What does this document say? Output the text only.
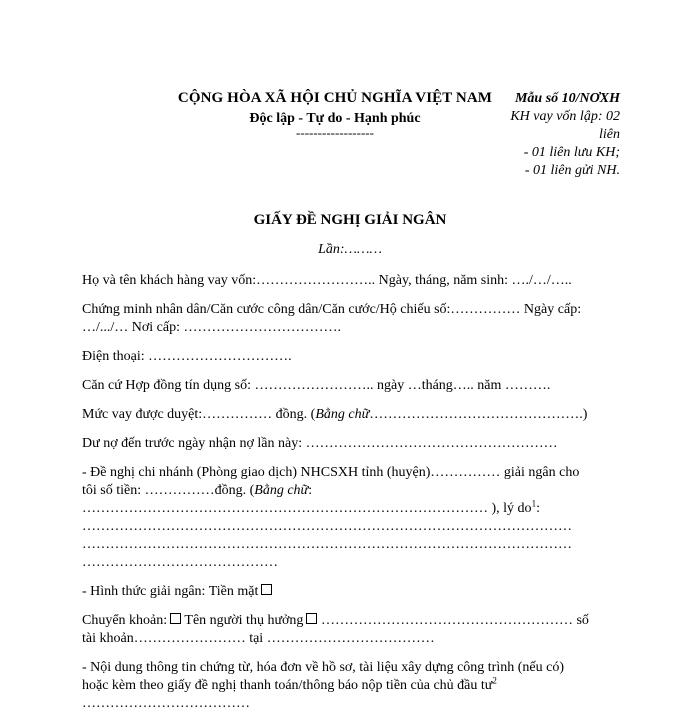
CỘNG HÒA XÃ HỘI CHỦ NGHĨA VIỆT NAM
Độc lập - Tự do - Hạnh phúc
------------------
Mẫu số 10/NƠXH
KH vay vốn lập: 02
liên
- 01 liên lưu KH;
- 01 liên gửi NH.
GIẤY ĐỀ NGHỊ GIẢI NGÂN
Lần:………
Họ và tên khách hàng vay vốn:…………………….. Ngày, tháng, năm sinh: …./…/…..
Chứng minh nhân dân/Căn cước công dân/Căn cước/Hộ chiếu số:…………… Ngày cấp:
…/.../… Nơi cấp: …………………………….
Điện thoại: ………………………….
Căn cứ Hợp đồng tín dụng số: …………………….. ngày …tháng….. năm ……….
Mức vay được duyệt:…………… đồng. (Bằng chữ……………………………………….)
Dư nợ đến trước ngày nhận nợ lần này: ………………………………………………
- Đề nghị chi nhánh (Phòng giao dịch) NHCSXH tỉnh (huyện)…………… giải ngân cho
tôi số tiền: ……………đồng. (Bằng chữ:
…………………………………………………………………………… ), lý $do^1$:
……………………………………………………………………………………………
……………………………………………………………………………………………
……………………………………
- Hình thức giải ngân: Tiền mặt
Chuyển khoản: Tên người thụ hưởng ……………………………………………… số
tài khoản…………………… tại ………………………………
- Nội dung thông tin chứng từ, hóa đơn về hồ sơ, tài liệu xây dựng công trình (nếu có)
hoặc kèm theo giấy đề nghị thanh toán/thông báo nộp tiền của chủ đầu $tư^2$
………………………………
